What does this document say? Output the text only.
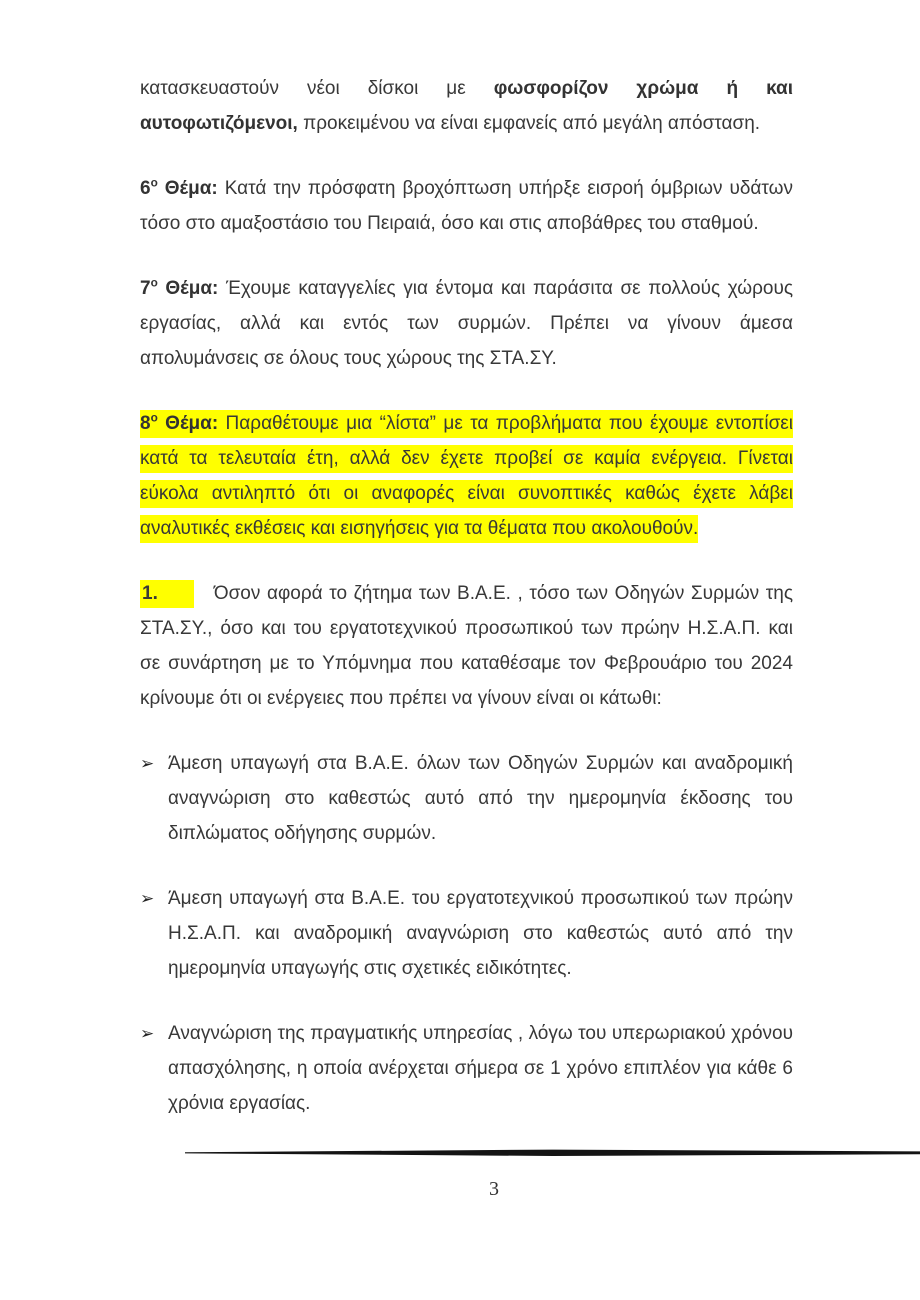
κατασκευαστούν νέοι δίσκοι με φωσφορίζον χρώμα ή και αυτοφωτιζόμενοι, προκειμένου να είναι εμφανείς από μεγάλη απόσταση.

$6^o$ Θέμα: Κατά την πρόσφατη βροχόπτωση υπήρξε εισροή όμβριων υδάτων τόσο στο αμαξοστάσιο του Πειραιά, όσο και στις αποβάθρες του σταθμού.

$7^o$ Θέμα: Έχουμε καταγγελίες για έντομα και παράσιτα σε πολλούς χώρους εργασίας, αλλά και εντός των συρμών. Πρέπει να γίνουν άμεσα απολυμάνσεις σε όλους τους χώρους της ΣΤΑ.ΣΥ.

$8^o$ Θέμα: Παραθέτουμε μια “λίστα” με τα προβλήματα που έχουμε εντοπίσει κατά τα τελευταία έτη, αλλά δεν έχετε προβεί σε καμία ενέργεια. Γίνεται εύκολα αντιληπτό ότι οι αναφορές είναι συνοπτικές καθώς έχετε λάβει αναλυτικές εκθέσεις και εισηγήσεις για τα θέματα που ακολουθούν.

1.	Όσον αφορά το ζήτημα των Β.Α.Ε. , τόσο των Οδηγών Συρμών της ΣΤΑ.ΣΥ., όσο και του εργατοτεχνικού προσωπικού των πρώην Η.Σ.Α.Π. και σε συνάρτηση με το Υπόμνημα που καταθέσαμε τον Φεβρουάριο του 2024 κρίνουμε ότι οι ενέργειες που πρέπει να γίνουν είναι οι κάτωθι:

➢ Άμεση υπαγωγή στα Β.Α.Ε. όλων των Οδηγών Συρμών και αναδρομική αναγνώριση στο καθεστώς αυτό από την ημερομηνία έκδοσης του διπλώματος οδήγησης συρμών.
➢ Άμεση υπαγωγή στα Β.Α.Ε. του εργατοτεχνικού προσωπικού των πρώην Η.Σ.Α.Π. και αναδρομική αναγνώριση στο καθεστώς αυτό από την ημερομηνία υπαγωγής στις σχετικές ειδικότητες.
➢ Αναγνώριση της πραγματικής υπηρεσίας , λόγω του υπερωριακού χρόνου απασχόλησης, η οποία ανέρχεται σήμερα σε 1 χρόνο επιπλέον για κάθε 6 χρόνια εργασίας.
3
